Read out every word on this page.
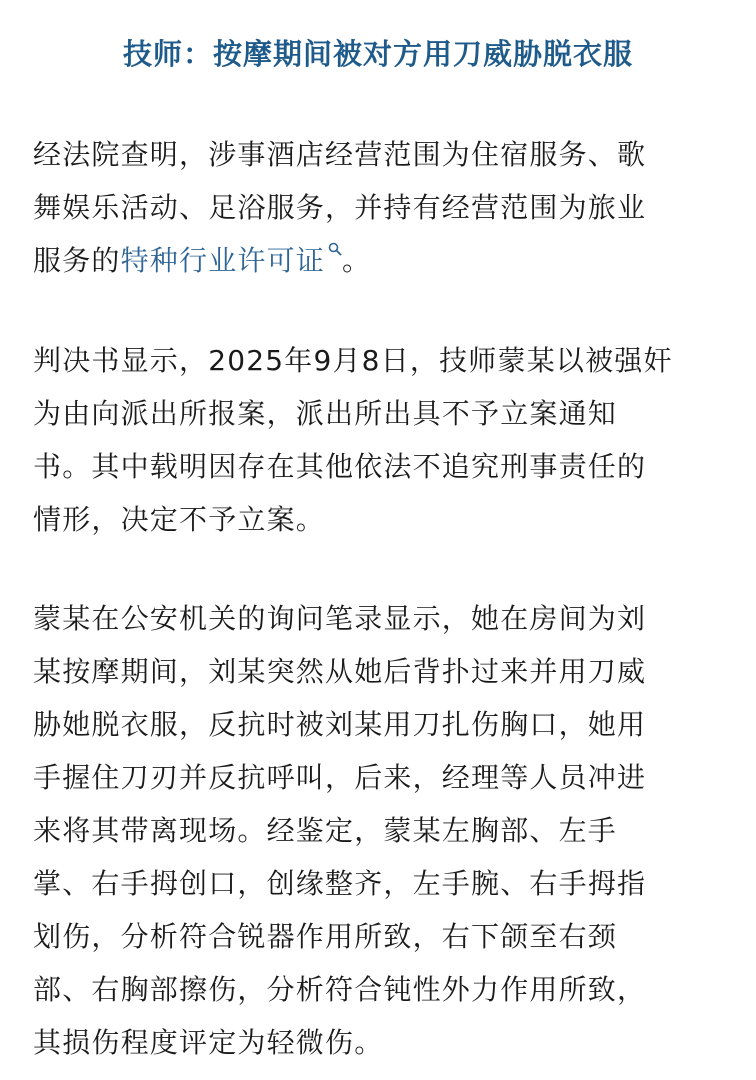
技师：按摩期间被对方用刀威胁脱衣服

经法院查明，涉事酒店经营范围为住宿服务、歌
舞娱乐活动、足浴服务，并持有经营范围为旅业
服务的特种行业许可证 。

判决书显示，2025年9月8日，技师蒙某以被强奸
为由向派出所报案，派出所出具不予立案通知
书。其中载明因存在其他依法不追究刑事责任的
情形，决定不予立案。

蒙某在公安机关的询问笔录显示，她在房间为刘
某按摩期间，刘某突然从她后背扑过来并用刀威
胁她脱衣服，反抗时被刘某用刀扎伤胸口，她用
手握住刀刃并反抗呼叫，后来，经理等人员冲进
来将其带离现场。经鉴定，蒙某左胸部、左手
掌、右手拇创口，创缘整齐，左手腕、右手拇指
划伤，分析符合锐器作用所致，右下颌至右颈
部、右胸部擦伤，分析符合钝性外力作用所致，
其损伤程度评定为轻微伤。
